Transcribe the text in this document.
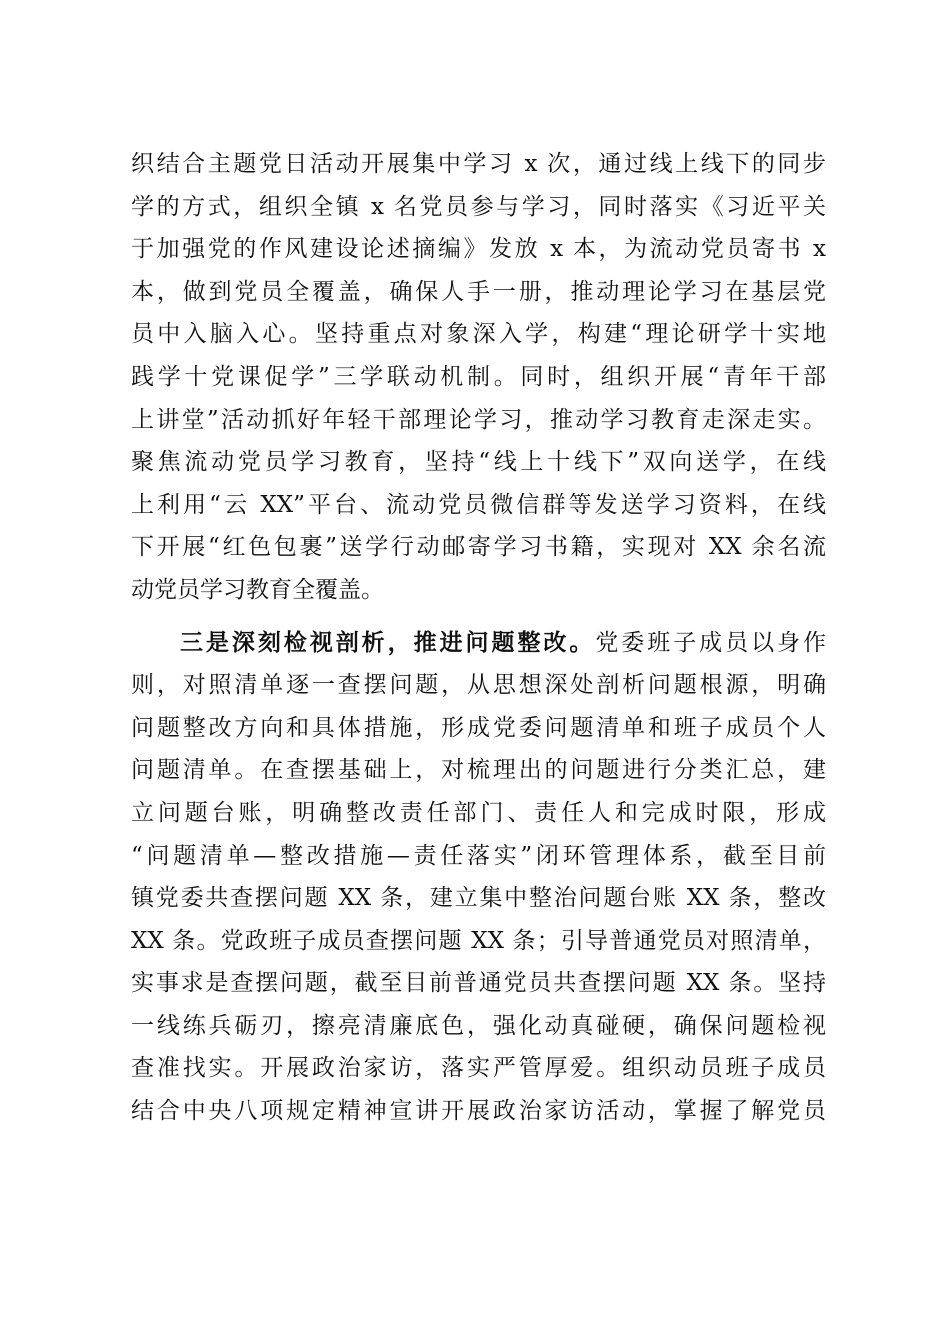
织结合主题党日活动开展集中学习 x 次，通过线上线下的同步
学的方式，组织全镇 x 名党员参与学习，同时落实《习近平关
于加强党的作风建设论述摘编》发放 x 本，为流动党员寄书 x
本，做到党员全覆盖，确保人手一册，推动理论学习在基层党
员中入脑入心。坚持重点对象深入学，构建“理论研学十实地
践学十党课促学”三学联动机制。同时，组织开展“青年干部
上讲堂”活动抓好年轻干部理论学习，推动学习教育走深走实。
聚焦流动党员学习教育，坚持“线上十线下”双向送学，在线
上利用“云 XX”平台、流动党员微信群等发送学习资料，在线
下开展“红色包裹”送学行动邮寄学习书籍，实现对 XX 余名流
动党员学习教育全覆盖。
三是深刻检视剖析，推进问题整改。党委班子成员以身作
则，对照清单逐一查摆问题，从思想深处剖析问题根源，明确
问题整改方向和具体措施，形成党委问题清单和班子成员个人
问题清单。在查摆基础上，对梳理出的问题进行分类汇总，建
立问题台账，明确整改责任部门、责任人和完成时限，形成
“问题清单—整改措施—责任落实”闭环管理体系，截至目前
镇党委共查摆问题 XX 条，建立集中整治问题台账 XX 条，整改
XX 条。党政班子成员查摆问题 XX 条；引导普通党员对照清单，
实事求是查摆问题，截至目前普通党员共查摆问题 XX 条。坚持
一线练兵砺刃，擦亮清廉底色，强化动真碰硬，确保问题检视
查准找实。开展政治家访，落实严管厚爱。组织动员班子成员
结合中央八项规定精神宣讲开展政治家访活动，掌握了解党员
